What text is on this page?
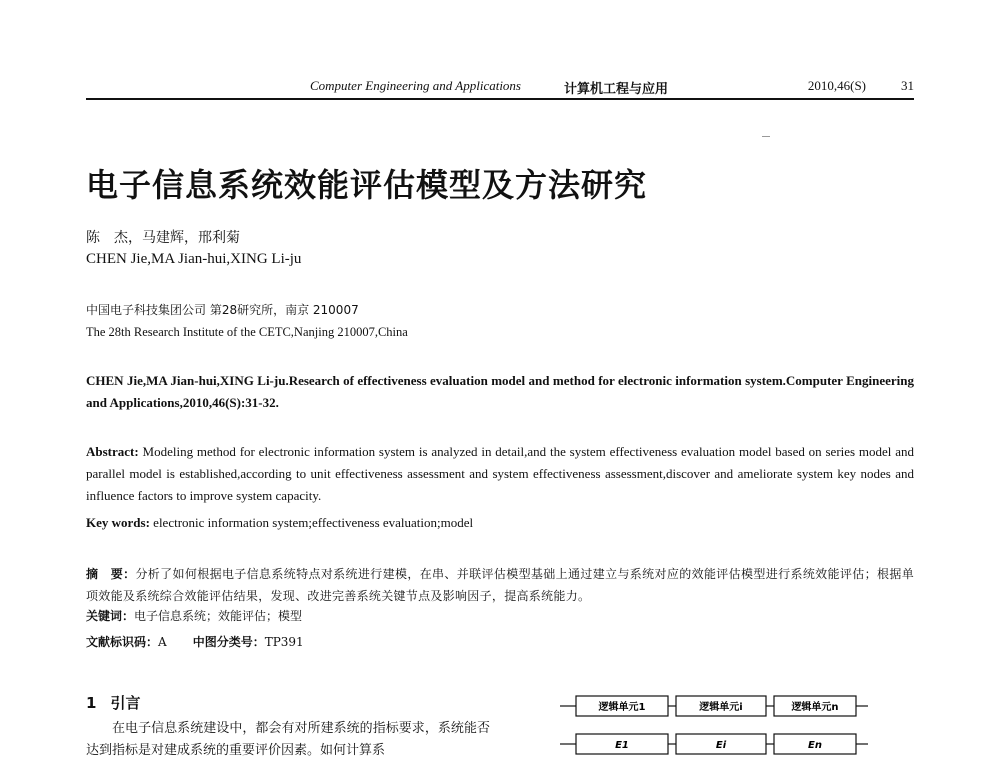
Computer Engineering and Applications	计算机工程与应用	2010,46(S)	31
电子信息系统效能评估模型及方法研究
陈　杰，马建辉，邢利菊
CHEN Jie,MA Jian-hui,XING Li-ju
中国电子科技集团公司 第28研究所，南京 210007
The 28th Research Institute of the CETC,Nanjing 210007,China
CHEN Jie,MA Jian-hui,XING Li-ju.Research of effectiveness evaluation model and method for electronic information system.Computer Engineering and Applications,2010,46(S):31-32.
Abstract: Modeling method for electronic information system is analyzed in detail,and the system effectiveness evaluation model based on series model and parallel model is established,according to unit effectiveness assessment and system effectiveness assessment,discover and ameliorate system key nodes and influence factors to improve system capacity.
Key words: electronic information system;effectiveness evaluation;model
摘　要：分析了如何根据电子信息系统特点对系统进行建模，在串、并联评估模型基础上通过建立与系统对应的效能评估模型进行系统效能评估；根据单项效能及系统综合效能评估结果，发现、改进完善系统关键节点及影响因子，提高系统能力。
关键词：电子信息系统；效能评估；模型
文献标识码：A 中图分类号：TP391
1 引言
在电子信息系统建设中，都会有对所建系统的指标要求，系统能否达到指标是对建成系统的重要评价因素。如何计算系
逻辑单元1	逻辑单元i	逻辑单元n
E1	Ei	En
